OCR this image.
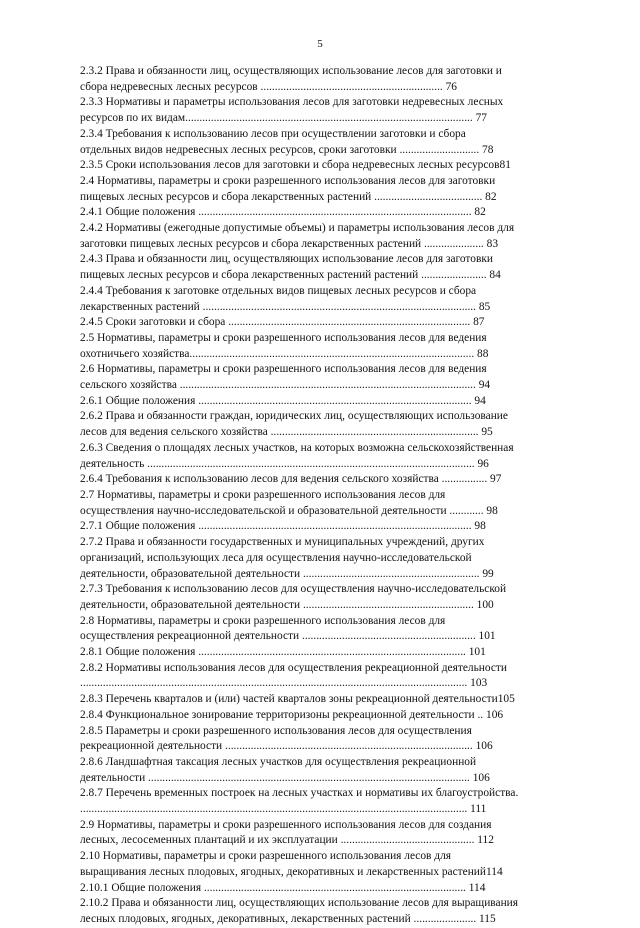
5
2.3.2 Права и обязанности лиц, осуществляющих использование лесов для заготовки и
сбора недревесных лесных ресурсов ................................................................ 76
2.3.3 Нормативы и параметры использования лесов для заготовки недревесных лесных
ресурсов по их видам..................................................................................................... 77
2.3.4 Требования к использованию лесов при осуществлении заготовки и сбора
отдельных видов недревесных лесных ресурсов, сроки заготовки ............................ 78
2.3.5 Сроки использования лесов для заготовки и сбора недревесных лесных ресурсов81
2.4 Нормативы, параметры и сроки разрешенного использования лесов для заготовки
пищевых лесных ресурсов и сбора лекарственных растений ...................................... 82
2.4.1 Общие положения ................................................................................................ 82
2.4.2 Нормативы (ежегодные допустимые объемы) и параметры использования лесов для
заготовки пищевых лесных ресурсов и сбора лекарственных растений ..................... 83
2.4.3 Права и обязанности лиц, осуществляющих использование лесов для заготовки
пищевых лесных ресурсов и сбора лекарственных растений растений ....................... 84
2.4.4 Требования к заготовке отдельных видов пищевых лесных ресурсов и сбора
лекарственных растений ................................................................................................ 85
2.4.5 Сроки заготовки и сбора ..................................................................................... 87
2.5 Нормативы, параметры и сроки разрешенного использования лесов для ведения
охотничьего хозяйства.................................................................................................... 88
2.6 Нормативы, параметры и сроки разрешенного использования лесов для ведения
сельского хозяйства ........................................................................................................ 94
2.6.1 Общие положения ................................................................................................ 94
2.6.2 Права и обязанности граждан, юридических лиц, осуществляющих использование
лесов для ведения сельского хозяйства ......................................................................... 95
2.6.3 Сведения о площадях лесных участков, на которых возможна сельскохозяйственная
деятельность ................................................................................................................... 96
2.6.4 Требования к использованию лесов для ведения сельского хозяйства ................ 97
2.7 Нормативы, параметры и сроки разрешенного использования лесов для
осуществления научно-исследовательской и образовательной деятельности ............ 98
2.7.1 Общие положения ................................................................................................ 98
2.7.2 Права и обязанности государственных и муниципальных учреждений, других
организаций, использующих леса для осуществления научно-исследовательской
деятельности, образовательной деятельности .............................................................. 99
2.7.3 Требования к использованию лесов для осуществления научно-исследовательской
деятельности, образовательной деятельности ............................................................ 100
2.8 Нормативы, параметры и сроки разрешенного использования лесов для
осуществления рекреационной деятельности ............................................................. 101
2.8.1 Общие положения .............................................................................................. 101
2.8.2 Нормативы использования лесов для осуществления рекреационной деятельности
........................................................................................................................................ 103
2.8.3 Перечень кварталов и (или) частей кварталов зоны рекреационной деятельности105
2.8.4 Функциональное зонирование территоризоны рекреационной деятельности .. 106
2.8.5 Параметры и сроки разрешенного использования лесов для осуществления
рекреационной деятельности ....................................................................................... 106
2.8.6 Ландшафтная таксация лесных участков для осуществления рекреационной
деятельности ................................................................................................................. 106
2.8.7 Перечень временных построек на лесных участках и нормативы их благоустройства.
........................................................................................................................................ 111
2.9 Нормативы, параметры и сроки разрешенного использования лесов для создания
лесных, лесосеменных плантаций и их эксплуатации ............................................... 112
2.10 Нормативы, параметры и сроки разрешенного использования лесов для
выращивания лесных плодовых, ягодных, декоративных и лекарственных растений114
2.10.1 Общие положения ............................................................................................ 114
2.10.2 Права и обязанности лиц, осуществляющих использование лесов для выращивания
лесных плодовых, ягодных, декоративных, лекарственных растений ...................... 115
